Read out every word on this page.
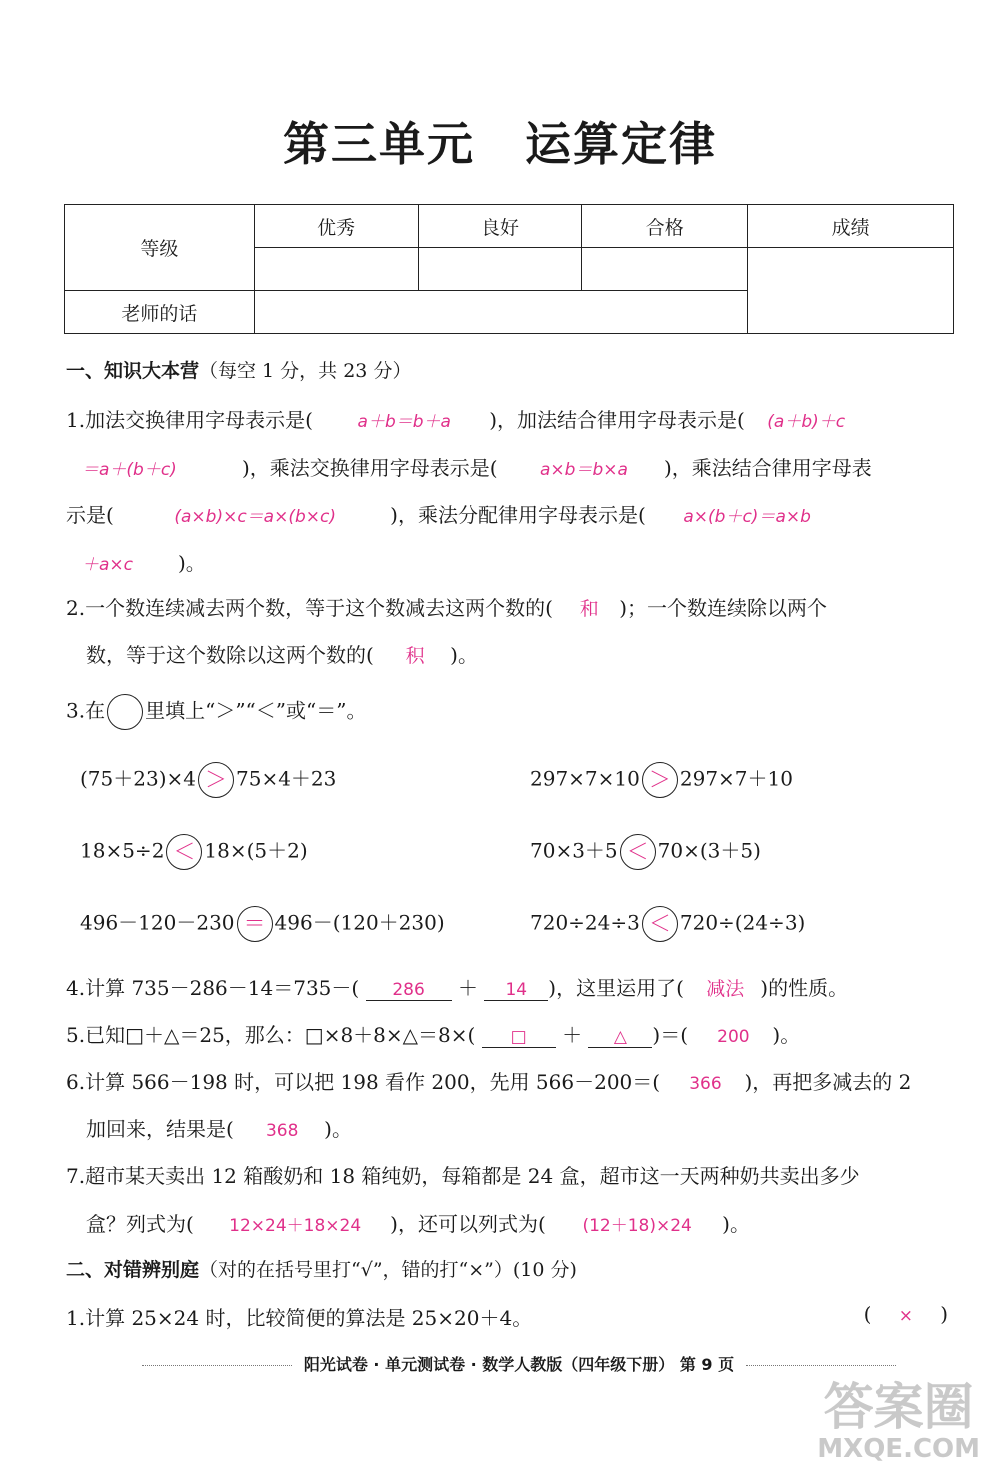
第三单元 运算定律
等级	优秀	良好	合格	成绩

老师的话				
一、知识大本营（每空 1 分，共 23 分）
1.加法交换律用字母表示是(	a＋b＝b＋a )，加法结合律用字母表示是( (a＋b)＋c
＝a＋(b＋c)	)，乘法交换律用字母表示是( a×b＝b×a )，乘法结合律用字母表
示是(	(a×b)×c＝a×(b×c)	)，乘法分配律用字母表示是( a×(b＋c)＝a×b
＋a×c )。
2.一个数连续减去两个数，等于这个数减去这两个数的( 和 )；一个数连续除以两个
数，等于这个数除以这两个数的( 积 )。
3.在 里填上“＞”“＜”或“＝”。
(75＋23)×4 ＞ 75×4＋23	297×7×10 ＞ 297×7＋10
18×5÷2 ＜ 18×(5＋2)	70×3＋5 ＜ 70×(3＋5)
496－120－230 ＝ 496－(120＋230)	720÷24÷3 ＜ 720÷(24÷3)
4.计算 735－286－14＝735－( 286 ＋ 14 )，这里运用了( 减法 )的性质。
5.已知□＋△＝25，那么：□×8＋8×△＝8×( □ ＋ △ )＝( 200 )。
6.计算 566－198 时，可以把 198 看作 200，先用 566－200＝( 366 )，再把多减去的 2
加回来，结果是( 368 )。
7.超市某天卖出 12 箱酸奶和 18 箱纯奶，每箱都是 24 盒，超市这一天两种奶共卖出多少
盒？列式为( 12×24＋18×24 )，还可以列式为( (12＋18)×24 )。
二、对错辨别庭（对的在括号里打“√”，错的打“×”）(10 分)
1.计算 25×24 时，比较简便的算法是 25×20＋4。	( × )
阳光试卷 · 单元测试卷 · 数学人教版（四年级下册） 第 9 页
答案圈
MXQE.COM
